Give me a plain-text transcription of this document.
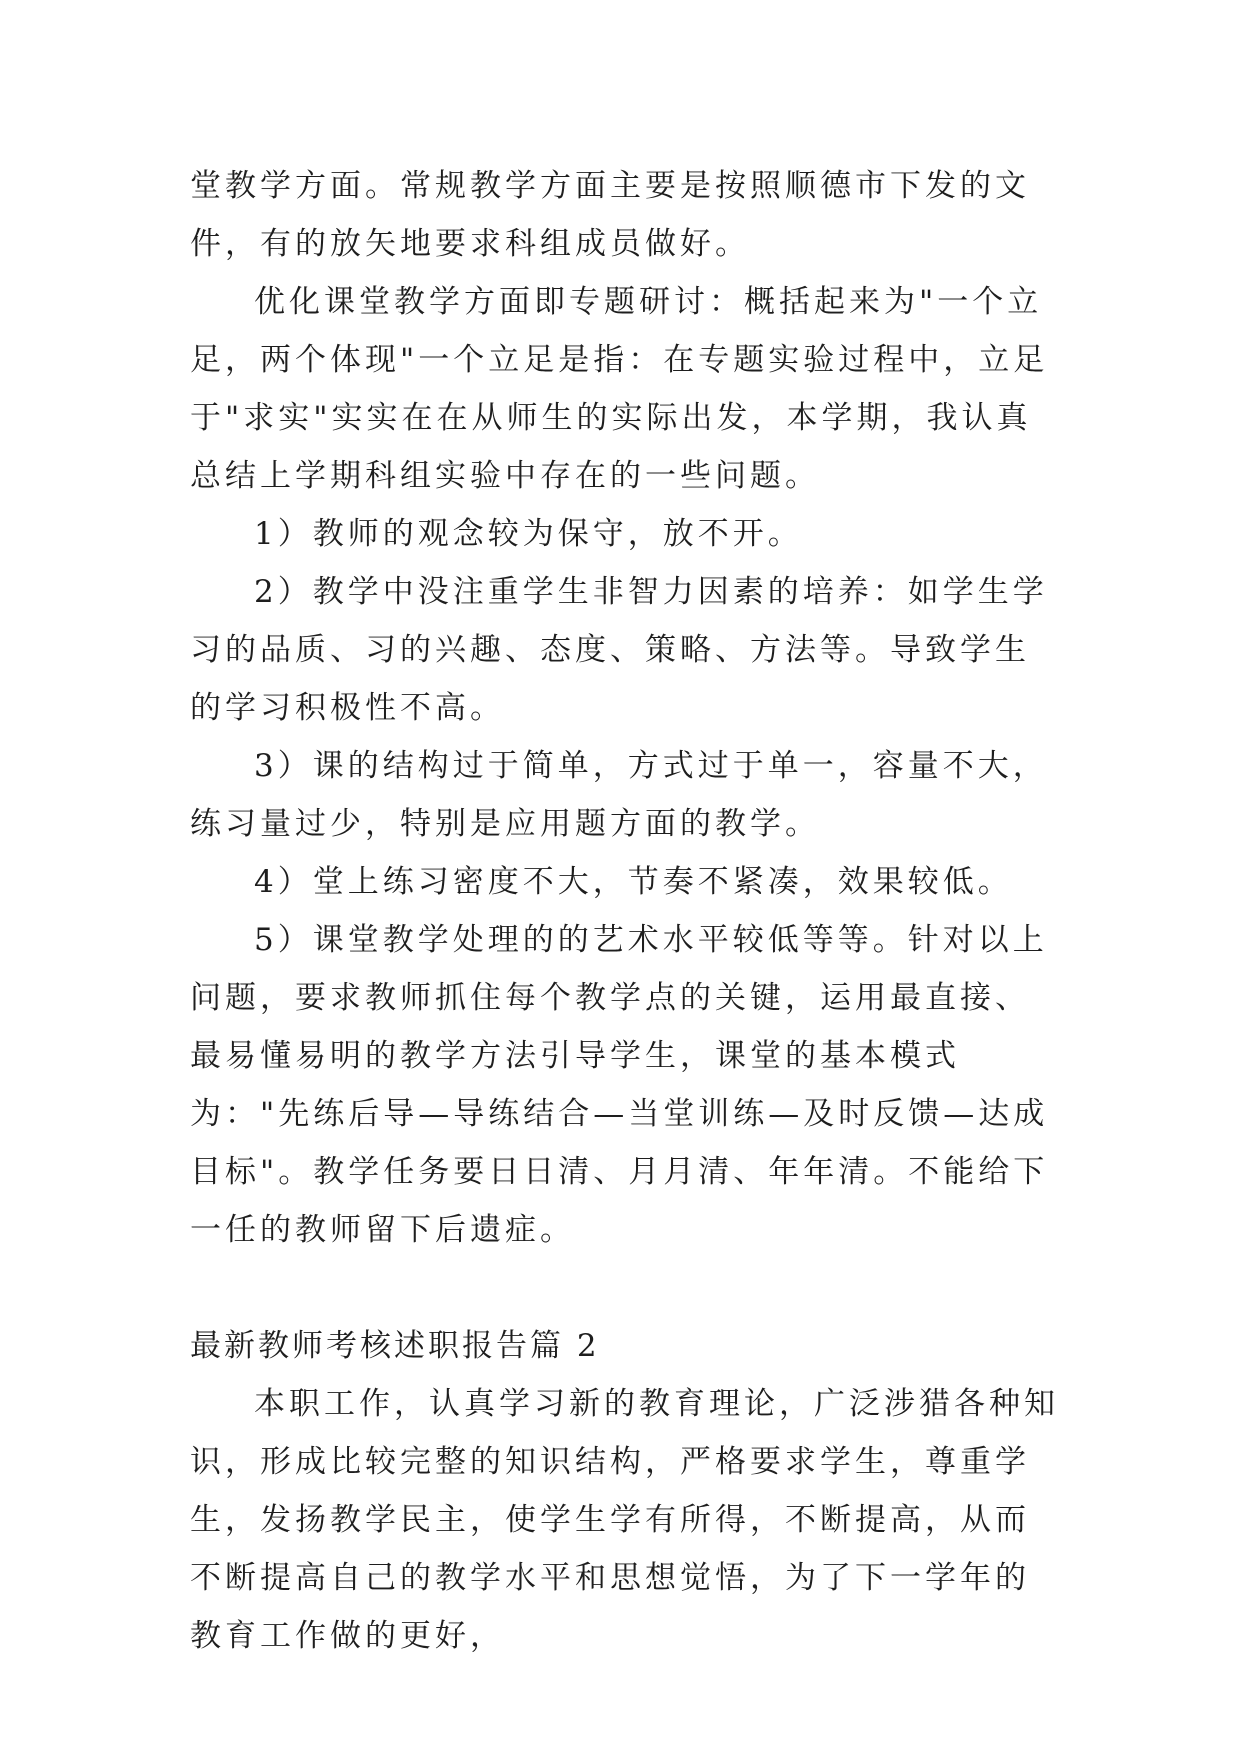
堂教学方面。常规教学方面主要是按照顺德市下发的文件，有的放矢地要求科组成员做好。

优化课堂教学方面即专题研讨：概括起来为"一个立足，两个体现"一个立足是指：在专题实验过程中，立足于"求实"实实在在从师生的实际出发，本学期，我认真总结上学期科组实验中存在的一些问题。

1）教师的观念较为保守，放不开。

2）教学中没注重学生非智力因素的培养：如学生学习的品质、习的兴趣、态度、策略、方法等。导致学生的学习积极性不高。

3）课的结构过于简单，方式过于单一，容量不大，练习量过少，特别是应用题方面的教学。

4）堂上练习密度不大，节奏不紧凑，效果较低。

5）课堂教学处理的的艺术水平较低等等。针对以上问题，要求教师抓住每个教学点的关键，运用最直接、最易懂易明的教学方法引导学生，课堂的基本模式为："先练后导—导练结合—当堂训练—及时反馈—达成目标"。教学任务要日日清、月月清、年年清。不能给下一任的教师留下后遗症。

最新教师考核述职报告篇 2

本职工作，认真学习新的教育理论，广泛涉猎各种知识，形成比较完整的知识结构，严格要求学生，尊重学生，发扬教学民主，使学生学有所得，不断提高，从而不断提高自己的教学水平和思想觉悟，为了下一学年的教育工作做的更好，
